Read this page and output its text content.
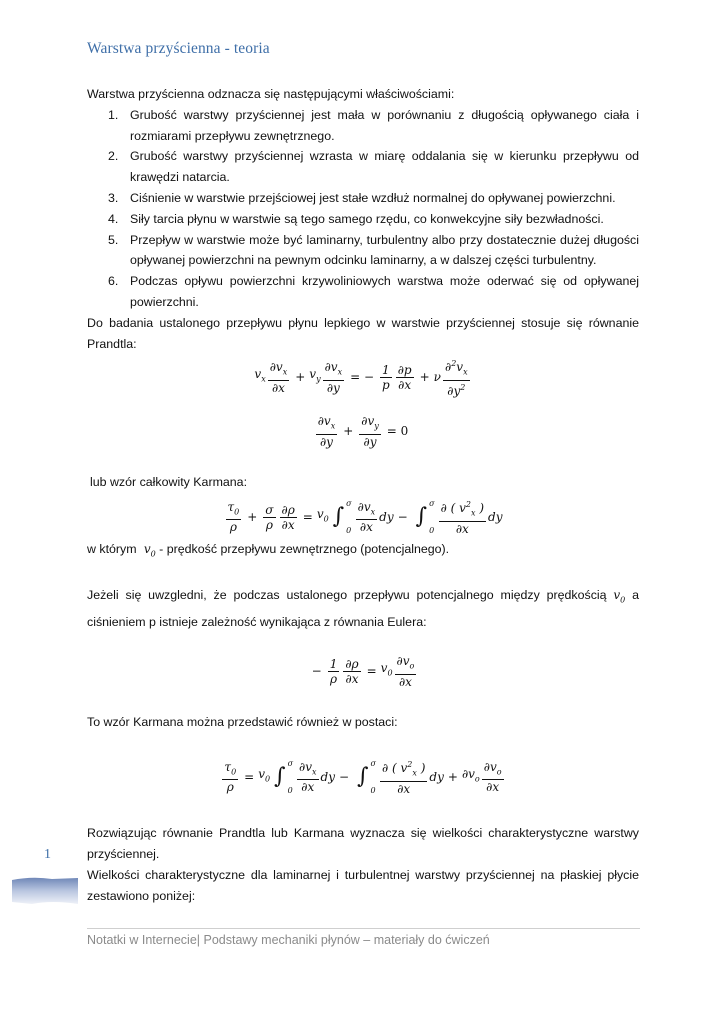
Warstwa przyścienna - teoria

Warstwa przyścienna odznacza się następującymi właściwościami:

1. Grubość warstwy przyściennej jest mała w porównaniu z długością opływanego ciała i rozmiarami przepływu zewnętrznego.
2. Grubość warstwy przyściennej wzrasta w miarę oddalania się w kierunku przepływu od krawędzi natarcia.
3. Ciśnienie w warstwie przejściowej jest stałe wzdłuż normalnej do opływanej powierzchni.
4. Siły tarcia płynu w warstwie są tego samego rzędu, co konwekcyjne siły bezwładności.
5. Przepływ w warstwie może być laminarny, turbulentny albo przy dostatecznie dużej długości opływanej powierzchni na pewnym odcinku laminarny, a w dalszej części turbulentny.
6. Podczas opływu powierzchni krzywoliniowych warstwa może oderwać się od opływanej powierzchni.

Do badania ustalonego przepływu płynu lepkiego w warstwie przyściennej stosuje się równanie Prandtla:

$v_x \frac{\partial v_x}{\partial x} + v_y \frac{\partial v_x}{\partial y}$ = − $\frac{1}{p} \frac{\partial p}{\partial x} + \nu \frac{\partial^2v_x}{\partial y^2}$
$\frac{\partial v_x}{\partial y} + \frac{\partial v_y}{\partial y} = 0$

lub wzór całkowity Karmana:

$\frac{\tau_0}{\rho} + \frac{\sigma}{\rho} \frac{\partial\rho}{\partial x} = v_0$ ∫
σ
$0 \frac{\partial v_x}{\partial x}$ dy − ∫
σ
$0 \frac{\partial ( v^2_x )}{\partial x}$ dy

w którym  $v_0$ - prędkość przepływu zewnętrznego (potencjalnego).

Jeżeli się uwzgledni, że podczas ustalonego przepływu potencjalnego między prędkością $v_0$ a ciśnieniem p istnieje zależność wynikająca z równania Eulera:

− $\frac{1}{\rho} \frac{\partial\rho}{\partial x} = v_0 \frac{\partial v_o}{\partial x}$

To wzór Karmana można przedstawić również w postaci:

$\frac{\tau_0}{\rho} = v_0$ ∫
σ
$0 \frac{\partial v_x}{\partial x}$ dy − ∫
σ
$0 \frac{\partial ( v^2_x )}{\partial x}$ dy + $\partial v_o \frac{\partial v_o}{\partial x}$

Rozwiązując równanie Prandtla lub Karmana wyznacza się wielkości charakterystyczne warstwy przyściennej.

Wielkości charakterystyczne dla laminarnej i turbulentnej warstwy przyściennej na płaskiej płycie zestawiono poniżej:

1
Notatki w Internecie| Podstawy mechaniki płynów – materiały do ćwiczeń
